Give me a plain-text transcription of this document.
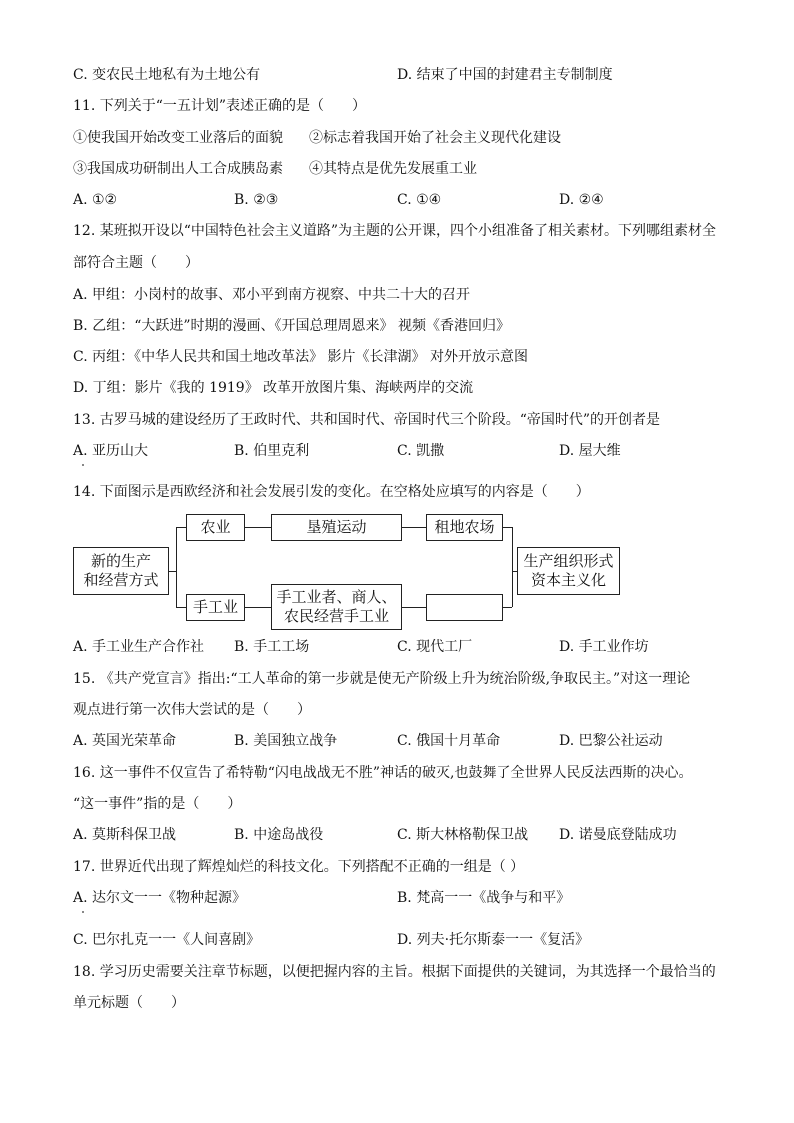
C. 变农民土地私有为土地公有	D. 结束了中国的封建君主专制制度
11. 下列关于“一五计划”表述正确的是（　　）
①使我国开始改变工业落后的面貌 ②标志着我国开始了社会主义现代化建设
③我国成功研制出人工合成胰岛素 ④其特点是优先发展重工业
A. ①②	B. ②③	C. ①④	D. ②④
12. 某班拟开设以“中国特色社会主义道路”为主题的公开课，四个小组准备了相关素材。下列哪组素材全
部符合主题（　　）
A. 甲组：小岗村的故事、邓小平到南方视察、中共二十大的召开
B. 乙组：“大跃进”时期的漫画、《开国总理周恩来》 视频《香港回归》
C. 丙组：《中华人民共和国土地改革法》 影片《长津湖》 对外开放示意图
D. 丁组：影片《我的 1919》 改革开放图片集、海峡两岸的交流
13. 古罗马城的建设经历了王政时代、共和国时代、帝国时代三个阶段。“帝国时代”的开创者是
A. 亚历山大	B. 伯里克利	C. 凯撒	D. 屋大维
14. 下面图示是西欧经济和社会发展引发的变化。在空格处应填写的内容是（　　）
新的生产
和经营方式
农业	垦殖运动	租地农场
手工业
手工业者、商人、
农民经营手工业
生产组织形式
资本主义化
A. 手工业生产合作社 B. 手工工场	C. 现代工厂	D. 手工业作坊
15. 《共产党宣言》指出:“工人革命的第一步就是使无产阶级上升为统治阶级,争取民主。”对这一理论
观点进行第一次伟大尝试的是（　　）
A. 英国光荣革命	B. 美国独立战争	C. 俄国十月革命	D. 巴黎公社运动
16. 这一事件不仅宣告了希特勒“闪电战战无不胜”神话的破灭,也鼓舞了全世界人民反法西斯的决心。
“这一事件”指的是（　　）
A. 莫斯科保卫战	B. 中途岛战役	C. 斯大林格勒保卫战 D. 诺曼底登陆成功
17. 世界近代出现了辉煌灿烂的科技文化。下列搭配不正确的一组是（ ）
A. 达尔文一一《物种起源》	B. 梵高一一《战争与和平》
C. 巴尔扎克一一《人间喜剧》	D. 列夫·托尔斯泰一一《复活》
18. 学习历史需要关注章节标题，以便把握内容的主旨。根据下面提供的关键词，为其选择一个最恰当的
单元标题（　　）
